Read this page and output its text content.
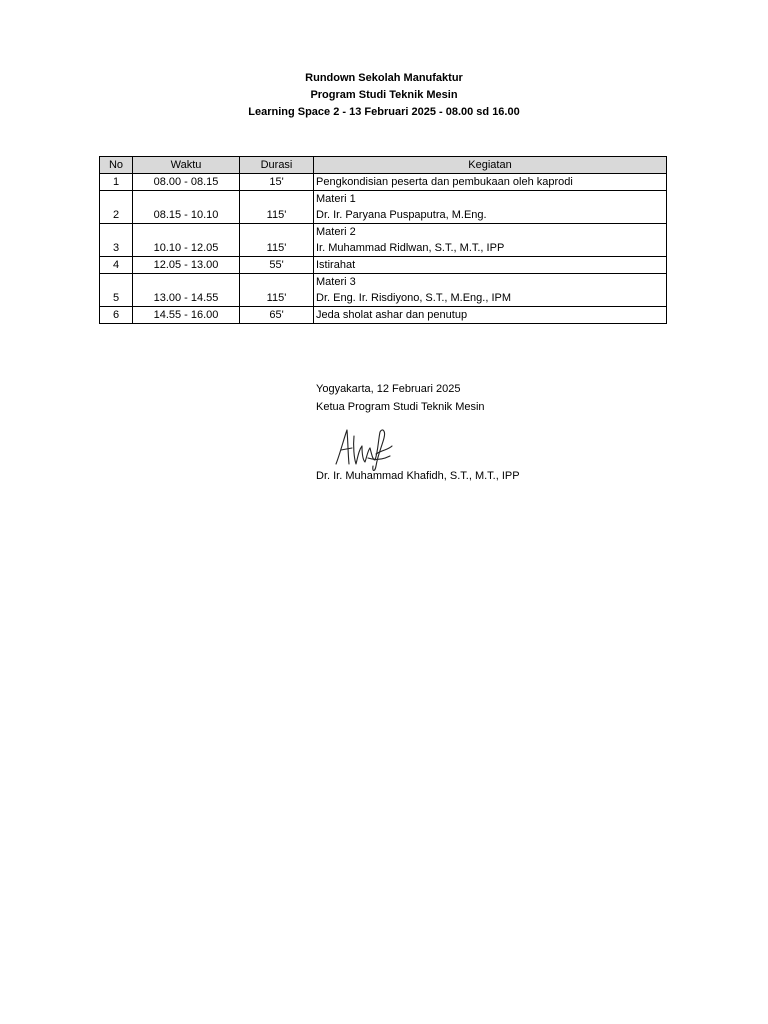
Rundown Sekolah Manufaktur
Program Studi Teknik Mesin
Learning Space 2 - 13 Februari 2025 - 08.00 sd 16.00
No	Waktu	Durasi	Kegiatan
1	08.00 - 08.15	15'	Pengkondisian peserta dan pembukaan oleh kaprodi

2	08.15 - 10.10	115'	Materi 1
Dr. Ir. Paryana Puspaputra, M.Eng.

3	10.10 - 12.05	115'	Materi 2
Ir. Muhammad Ridlwan, S.T., M.T., IPP

4	12.05 - 13.00	55'	Istirahat

5	13.00 - 14.55	115'	Materi 3
Dr. Eng. Ir. Risdiyono, S.T., M.Eng., IPM

6	14.55 - 16.00	65'	Jeda sholat ashar dan penutup
Yogyakarta, 12 Februari 2025
Ketua Program Studi Teknik Mesin
Dr. Ir. Muhammad Khafidh, S.T., M.T., IPP
